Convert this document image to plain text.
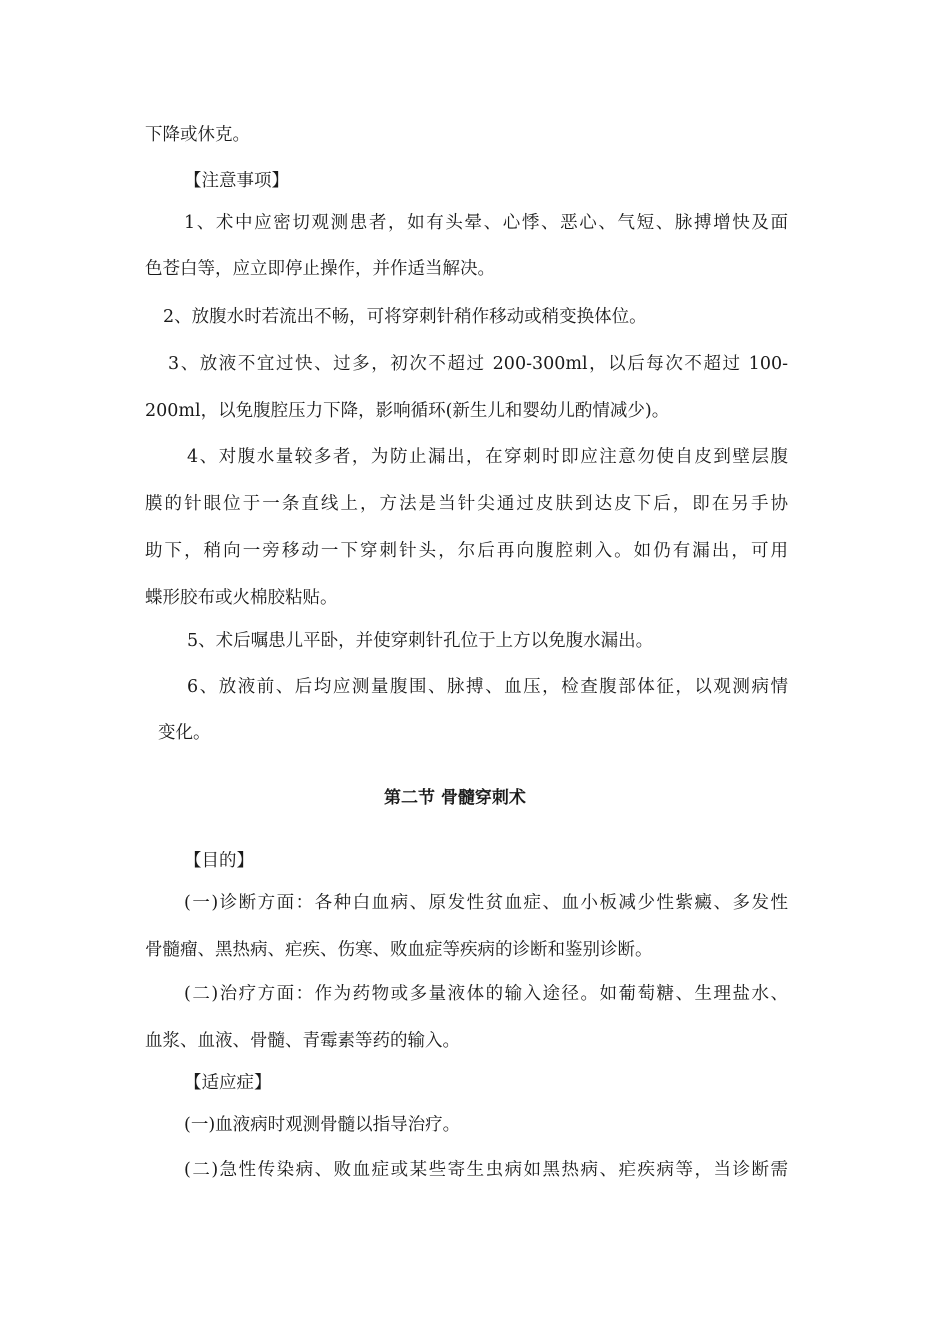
下降或休克。

【注意事项】

1、术中应密切观测患者，如有头晕、心悸、恶心、气短、脉搏增快及面

色苍白等，应立即停止操作，并作适当解决。

2、放腹水时若流出不畅，可将穿刺针稍作移动或稍变换体位。

3、放液不宜过快、过多，初次不超过 200-300ml，以后每次不超过 100-

200ml，以免腹腔压力下降，影响循环(新生儿和婴幼儿酌情减少)。

4、对腹水量较多者，为防止漏出，在穿刺时即应注意勿使自皮到壁层腹

膜的针眼位于一条直线上，方法是当针尖通过皮肤到达皮下后，即在另手协

助下，稍向一旁移动一下穿刺针头，尔后再向腹腔刺入。如仍有漏出，可用

蝶形胶布或火棉胶粘贴。

5、术后嘱患儿平卧，并使穿刺针孔位于上方以免腹水漏出。

6、放液前、后均应测量腹围、脉搏、血压，检查腹部体征，以观测病情

变化。

第二节 骨髓穿刺术

【目的】

(一)诊断方面：各种白血病、原发性贫血症、血小板减少性紫癜、多发性

骨髓瘤、黑热病、疟疾、伤寒、败血症等疾病的诊断和鉴别诊断。

(二)治疗方面：作为药物或多量液体的输入途径。如葡萄糖、生理盐水、

血浆、血液、骨髓、青霉素等药的输入。

【适应症】

(一)血液病时观测骨髓以指导治疗。

(二)急性传染病、败血症或某些寄生虫病如黑热病、疟疾病等，当诊断需
